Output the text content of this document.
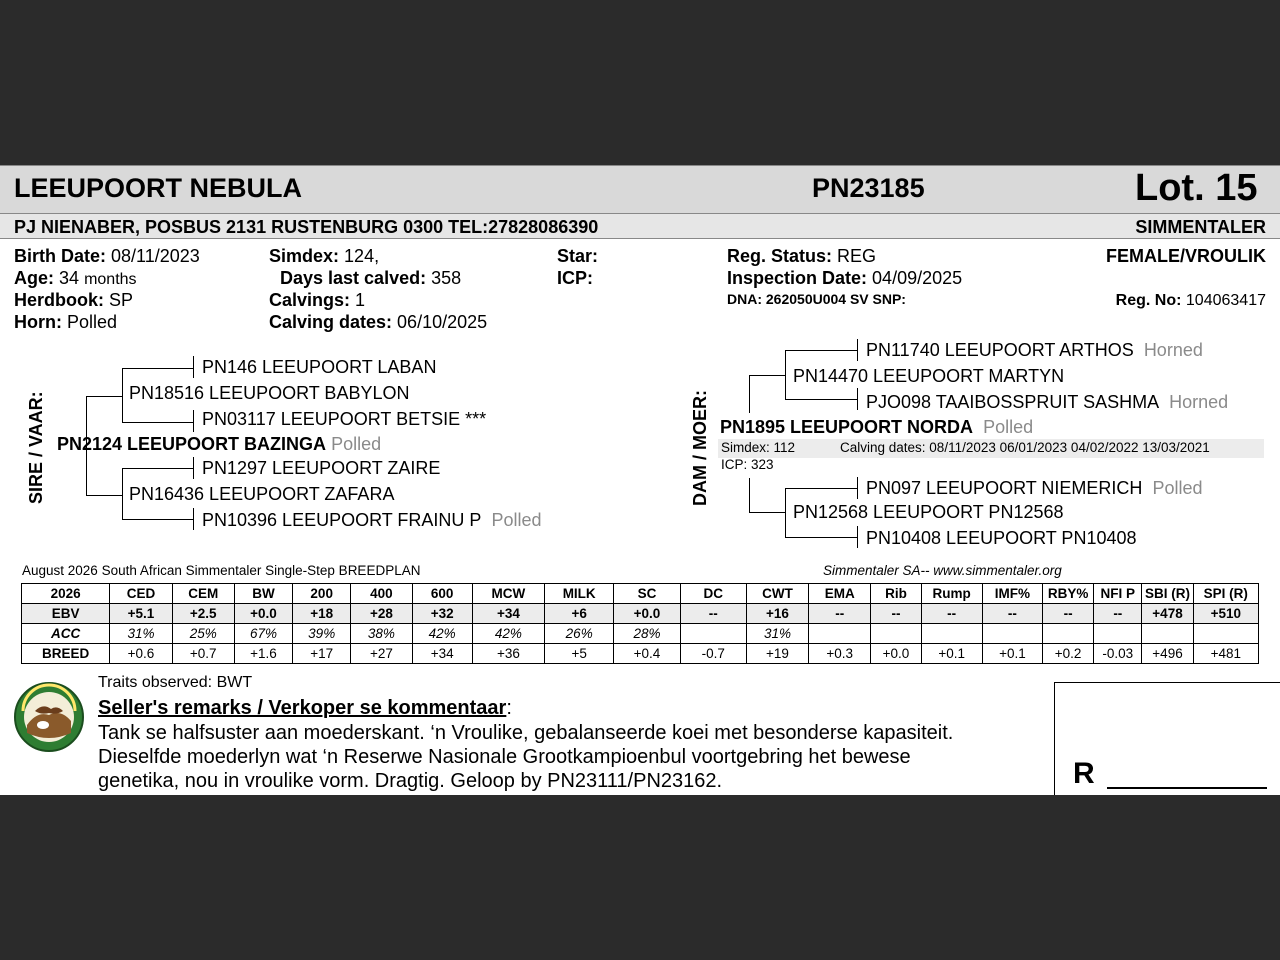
LEEUPOORT NEBULA	PN23185	Lot. 15
PJ NIENABER, POSBUS 2131 RUSTENBURG 0300 TEL:27828086390	SIMMENTALER
Birth Date: 08/11/2023
Age: 34 months
Herdbook: SP
Horn: Polled
Simdex: 124,
Days last calved: 358
Calvings: 1
Calving dates: 06/10/2025
Star:
ICP:
Reg. Status: REG
Inspection Date: 04/09/2025
DNA: 262050U004 SV SNP:
FEMALE/VROULIK
Reg. No: 104063417
SIRE / VAAR:
PN146 LEEUPOORT LABAN
PN18516 LEEUPOORT BABYLON
PN03117 LEEUPOORT BETSIE ***
PN2124 LEEUPOORT BAZINGA Polled
PN1297 LEEUPOORT ZAIRE
PN16436 LEEUPOORT ZAFARA
PN10396 LEEUPOORT FRAINU P Polled
DAM / MOER:
PN11740 LEEUPOORT ARTHOS Horned
PN14470 LEEUPOORT MARTYN
PJO098 TAAIBOSSPRUIT SASHMA Horned
PN1895 LEEUPOORT NORDA Polled
Simdex: 112	Calving dates: 08/11/2023 06/01/2023 04/02/2022 13/03/2021
ICP: 323
PN097 LEEUPOORT NIEMERICH Polled
PN12568 LEEUPOORT PN12568
PN10408 LEEUPOORT PN10408
August 2026 South African Simmentaler Single-Step BREEDPLAN	Simmentaler SA-- www.simmentaler.org
2026	CED	CEM	BW	200	400	600	MCW	MILK	SC	DC	CWT	EMA	Rib	Rump	IMF%	RBY%	NFI P	SBI (R)	SPI (R)
EBV	+5.1	+2.5	+0.0	+18	+28	+32	+34	+6	+0.0	--	+16	--	--	--	--	--	--	+478	+510
ACC	31%	25%	67%	39%	38%	42%	42%	26%	28%		31%								
BREED	+0.6	+0.7	+1.6	+17	+27	+34	+36	+5	+0.4	-0.7	+19	+0.3	+0.0	+0.1	+0.1	+0.2	-0.03	+496	+481
Traits observed: BWT
Seller's remarks / Verkoper se kommentaar:
Tank se halfsuster aan moederskant. ‘n Vroulike, gebalanseerde koei met besonderse kapasiteit.
Dieselfde moederlyn wat ‘n Reserwe Nasionale Grootkampioenbul voortgebring het bewese
genetika, nou in vroulike vorm. Dragtig. Geloop by PN23111/PN23162.	R
